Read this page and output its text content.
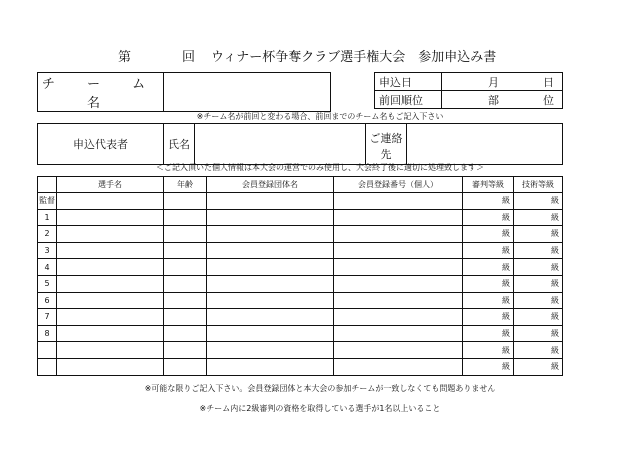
第	回 ウィナー杯争奪クラブ選手権大会　参加申込み書
チ ー ム 名	
申込日	月 日
前回順位	部 位
※チーム名が前回と変わる場合、前回までのチーム名もご記入下さい
申込代表者	氏名		ご連絡先	
＜ご記入頂いた個人情報は本大会の運営でのみ使用し、大会終了後に適切に処理致します＞
	選手名	年齢	会員登録団体名	会員登録番号（個人）	審判等級	技術等級
監督					級	級
1					級	級
2					級	級
3					級	級
4					級	級
5					級	級
6					級	級
7					級	級
8					級	級
					級	級
					級	級
※可能な限りご記入下さい。会員登録団体と本大会の参加チームが一致しなくても問題ありません
※チーム内に2級審判の資格を取得している選手が1名以上いること
